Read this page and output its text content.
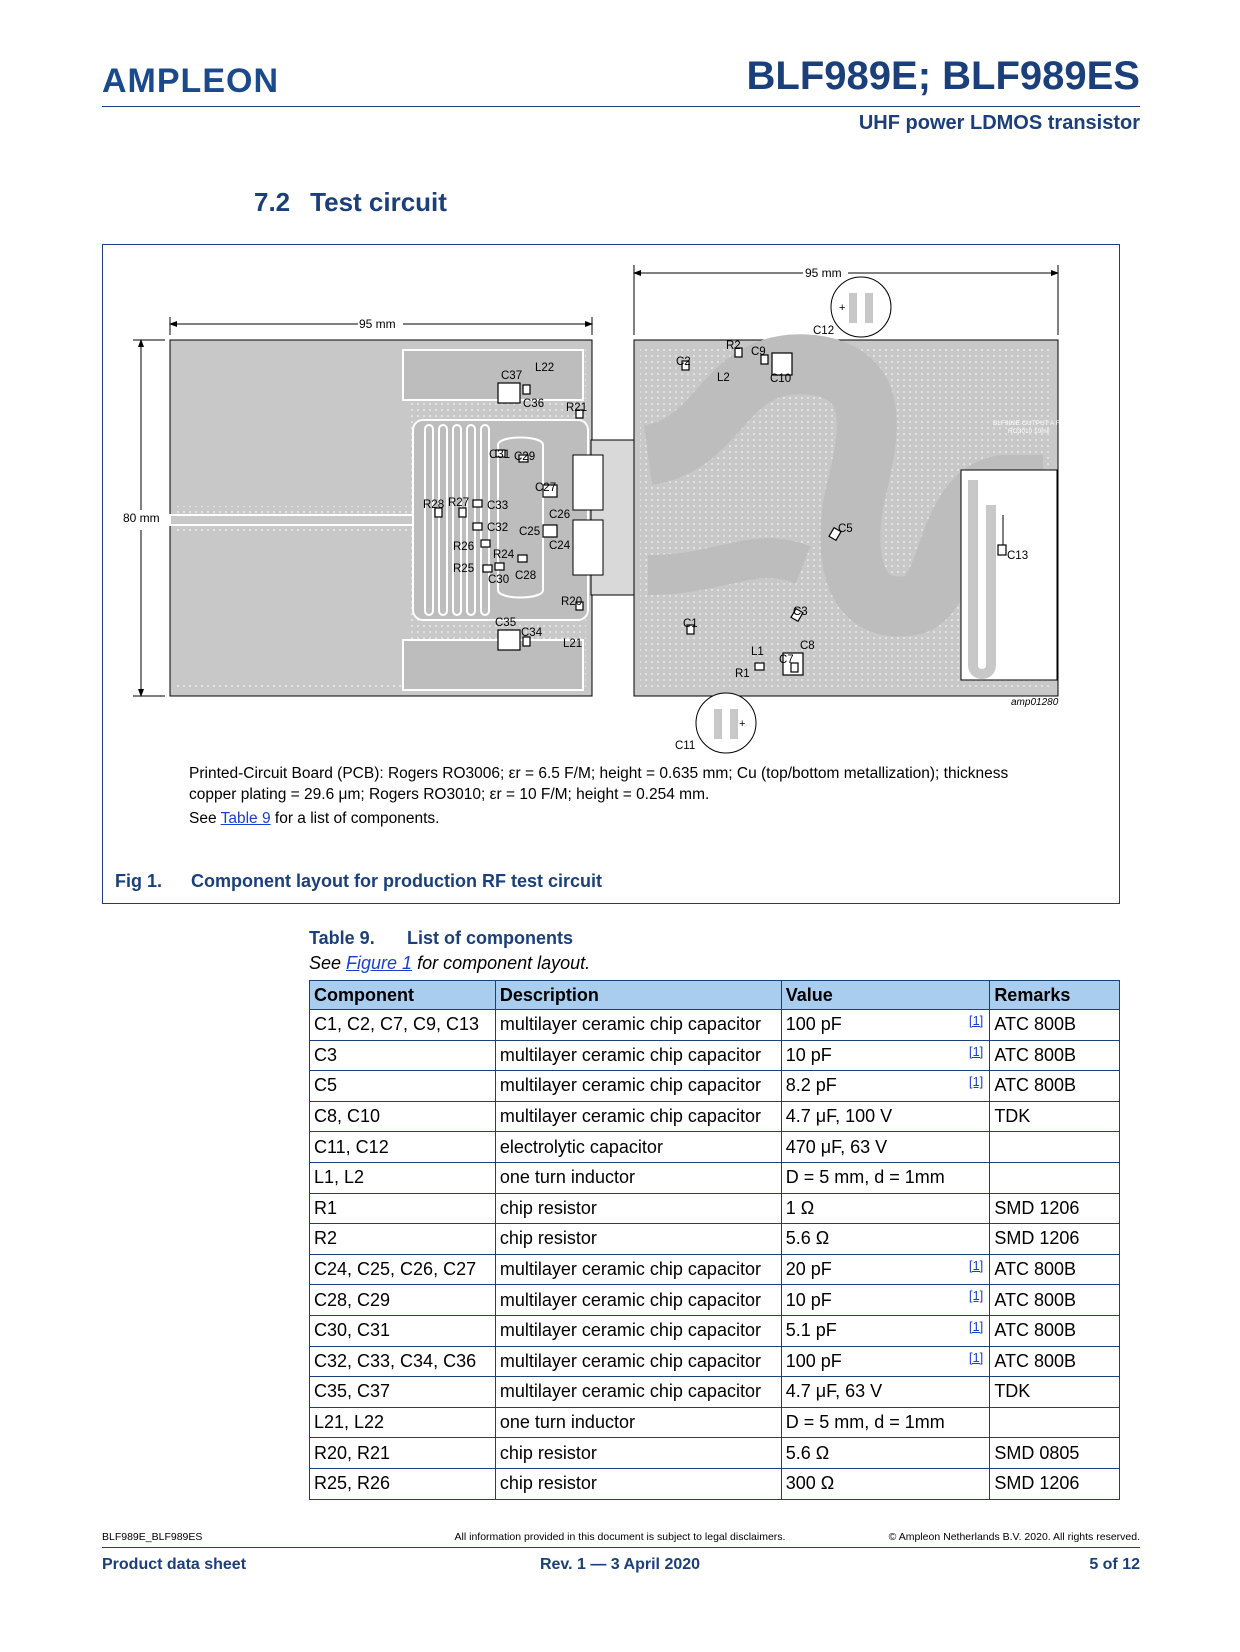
AMPLEON	BLF989E; BLF989ES
UHF power LDMOS transistor
7.2 Test circuit
BLF989E OUTPUT A REV1
RO3010 10mil
BLF989E
OUTPUT B
REV1
RO3006 25mil
95 mm
95 mm
80 mm
+
+
C37
C36
L22
R21
C31 C29
C27
C26
C25
C24
R28 R27 C33
C32
R26
R24
R25
C28
C30
R20
C35
C34
L21
C2
R2
L2
C9
C10
C12
C5
C13
C3
C1
C8
L1
C7
R1
C11
amp01280
Printed-Circuit Board (PCB): Rogers RO3006; εr = 6.5 F/M; height = 0.635 mm; Cu (top/bottom metallization); thickness
copper plating = 29.6 μm; Rogers RO3010; εr = 10 F/M; height = 0.254 mm.
See Table 9 for a list of components.
Fig 1. Component layout for production RF test circuit
Table 9. List of components
See Figure 1 for component layout.
Component	Description	Value	Remarks
C1, C2, C7, C9, C13	multilayer ceramic chip capacitor	100 pF [1]	ATC 800B
C3	multilayer ceramic chip capacitor	10 pF [1]	ATC 800B
C5	multilayer ceramic chip capacitor	8.2 pF [1]	ATC 800B
C8, C10	multilayer ceramic chip capacitor	4.7 μF, 100 V	TDK
C11, C12	electrolytic capacitor	470 μF, 63 V	
L1, L2	one turn inductor	D = 5 mm, d = 1mm	
R1	chip resistor	1 Ω	SMD 1206
R2	chip resistor	5.6 Ω	SMD 1206
C24, C25, C26, C27	multilayer ceramic chip capacitor	20 pF [1]	ATC 800B
C28, C29	multilayer ceramic chip capacitor	10 pF [1]	ATC 800B
C30, C31	multilayer ceramic chip capacitor	5.1 pF [1]	ATC 800B
C32, C33, C34, C36	multilayer ceramic chip capacitor	100 pF [1]	ATC 800B
C35, C37	multilayer ceramic chip capacitor	4.7 μF, 63 V	TDK
L21, L22	one turn inductor	D = 5 mm, d = 1mm	
R20, R21	chip resistor	5.6 Ω	SMD 0805
R25, R26	chip resistor	300 Ω	SMD 1206
BLF989E_BLF989ES	All information provided in this document is subject to legal disclaimers.	© Ampleon Netherlands B.V. 2020. All rights reserved.
Product data sheet	Rev. 1 — 3 April 2020	5 of 12
